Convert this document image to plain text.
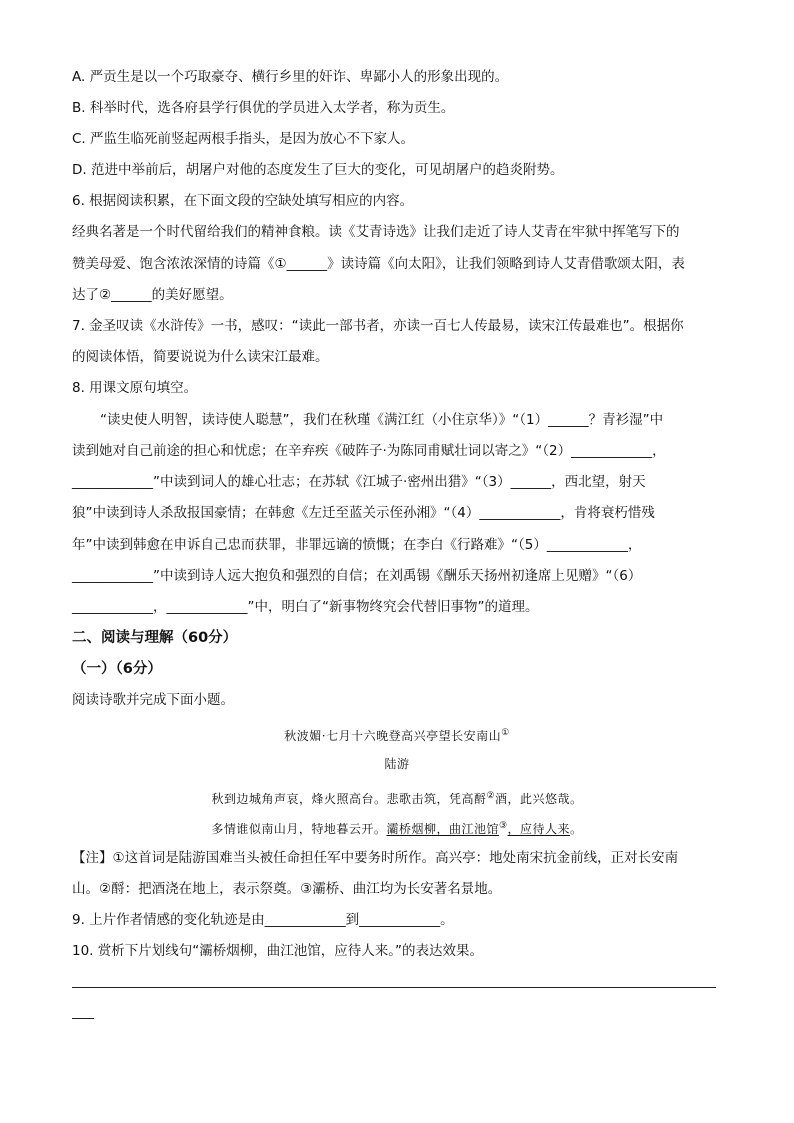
A. 严贡生是以一个巧取豪夺、横行乡里的奸诈、卑鄙小人的形象出现的。
B. 科举时代，选各府县学行俱优的学员进入太学者，称为贡生。
C. 严监生临死前竖起两根手指头，是因为放心不下家人。
D. 范进中举前后，胡屠户对他的态度发生了巨大的变化，可见胡屠户的趋炎附势。
6. 根据阅读积累，在下面文段的空缺处填写相应的内容。
经典名著是一个时代留给我们的精神食粮。读《艾青诗选》让我们走近了诗人艾青在牢狱中挥笔写下的
赞美母爱、饱含浓浓深情的诗篇《①______》读诗篇《向太阳》，让我们领略到诗人艾青借歌颂太阳，表
达了②______的美好愿望。
7. 金圣叹读《水浒传》一书，感叹：“读此一部书者，亦读一百七人传最易，读宋江传最难也”。根据你
的阅读体悟，简要说说为什么读宋江最难。
8. 用课文原句填空。
“读史使人明智，读诗使人聪慧”，我们在秋瑾《满江红（小住京华）》“（1）______？青衫湿”中
读到她对自己前途的担心和忧虑；在辛弃疾《破阵子·为陈同甫赋壮词以寄之》“（2）____________，
____________”中读到词人的雄心壮志；在苏轼《江城子·密州出猎》“（3）______，西北望，射天
狼”中读到诗人杀敌报国豪情；在韩愈《左迁至蓝关示侄孙湘》“（4）____________，肯将衰朽惜残
年”中读到韩愈在申诉自己忠而获罪，非罪远谪的愤慨；在李白《行路难》“（5）____________，
____________”中读到诗人远大抱负和强烈的自信；在刘禹锡《酬乐天扬州初逢席上见赠》“（6）
____________，____________”中，明白了“新事物终究会代替旧事物”的道理。
二、阅读与理解（60分）
（一）（6分）
阅读诗歌并完成下面小题。
秋波媚·七月十六晚登高兴亭望长安南山①
陆游
秋到边城角声哀，烽火照高台。悲歌击筑，凭高酹②酒，此兴悠哉。
多情谁似南山月，特地暮云开。灞桥烟柳，曲江池馆③，应待人来。
【注】①这首词是陆游国难当头被任命担任军中要务时所作。高兴亭：地处南宋抗金前线，正对长安南
山。②酹：把酒浇在地上，表示祭奠。③灞桥、曲江均为长安著名景地。
9. 上片作者情感的变化轨迹是由____________到____________。
10. 赏析下片划线句“灞桥烟柳，曲江池馆，应待人来。”的表达效果。
